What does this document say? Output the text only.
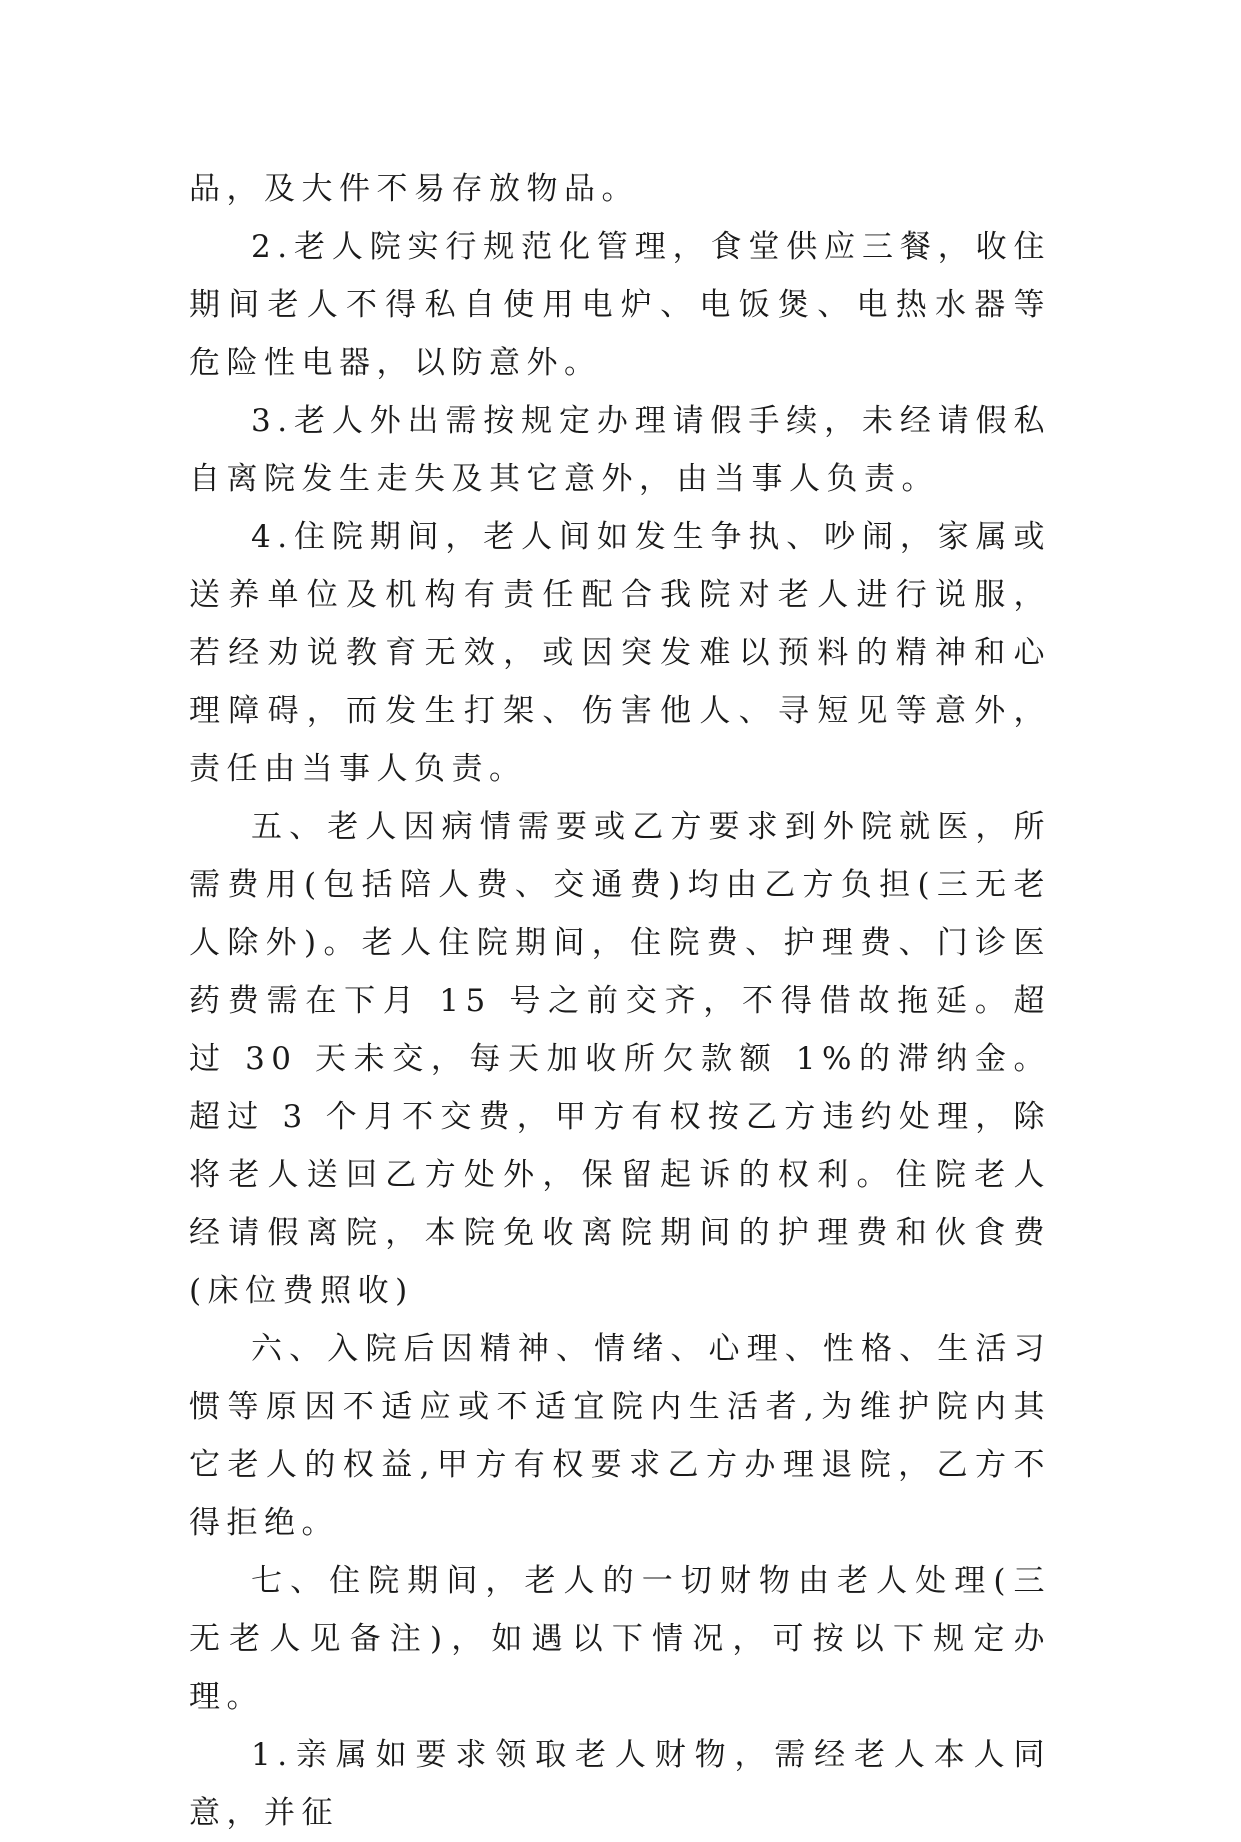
品，及大件不易存放物品。

2.老人院实行规范化管理，食堂供应三餐，收住期间老人不得私自使用电炉、电饭煲、电热水器等危险性电器，以防意外。

3.老人外出需按规定办理请假手续，未经请假私自离院发生走失及其它意外，由当事人负责。

4.住院期间，老人间如发生争执、吵闹，家属或送养单位及机构有责任配合我院对老人进行说服，若经劝说教育无效，或因突发难以预料的精神和心理障碍，而发生打架、伤害他人、寻短见等意外，责任由当事人负责。

五、老人因病情需要或乙方要求到外院就医，所需费用(包括陪人费、交通费)均由乙方负担(三无老人除外)。老人住院期间，住院费、护理费、门诊医药费需在下月 15 号之前交齐，不得借故拖延。超过 30 天未交，每天加收所欠款额 1%的滞纳金。超过 3 个月不交费，甲方有权按乙方违约处理，除将老人送回乙方处外，保留起诉的权利。住院老人经请假离院，本院免收离院期间的护理费和伙食费(床位费照收)

六、入院后因精神、情绪、心理、性格、生活习惯等原因不适应或不适宜院内生活者,为维护院内其它老人的权益,甲方有权要求乙方办理退院，乙方不得拒绝。

七、住院期间，老人的一切财物由老人处理(三无老人见备注)，如遇以下情况，可按以下规定办理。

1.亲属如要求领取老人财物，需经老人本人同意，并征
